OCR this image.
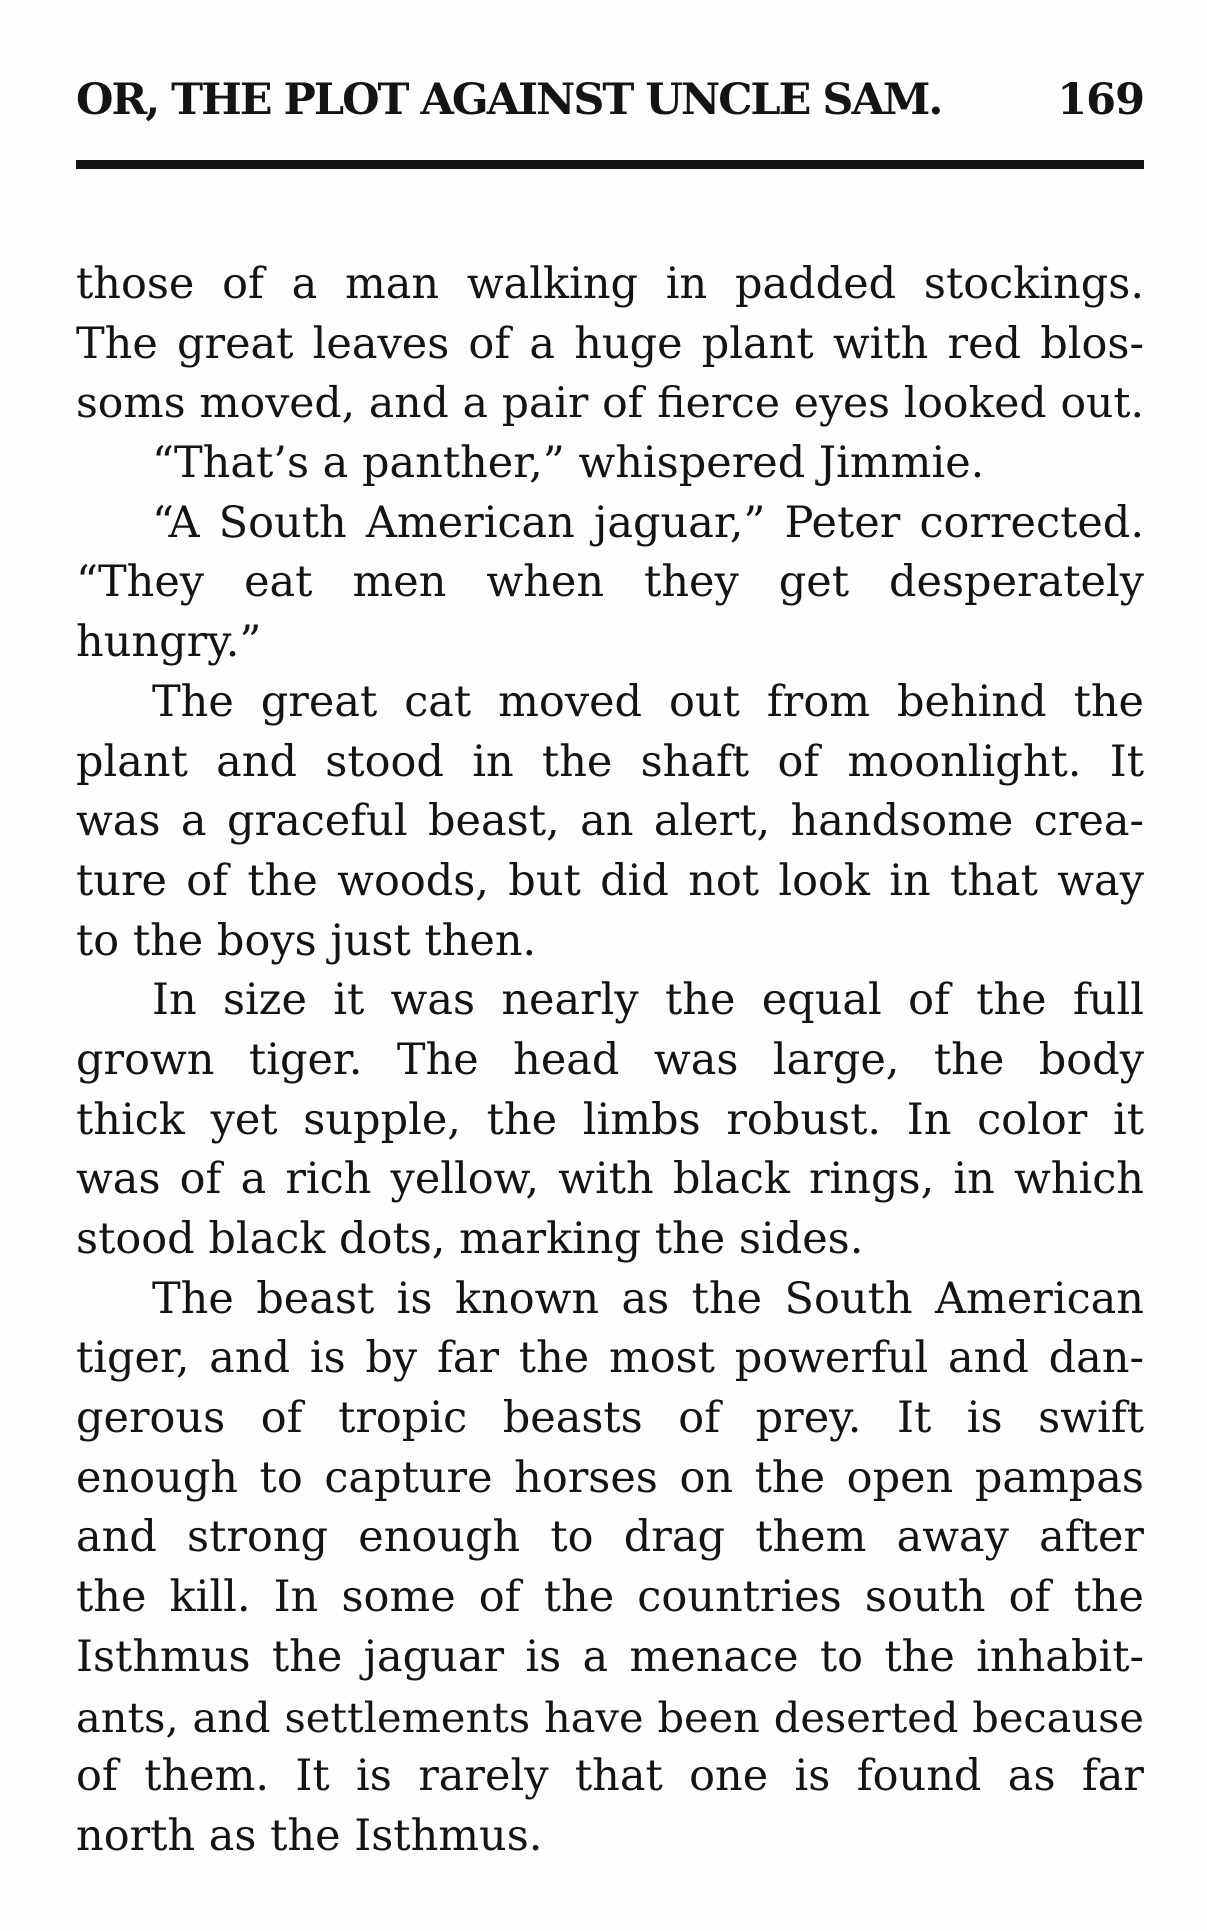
OR, THE PLOT AGAINST UNCLE SAM.	169
those of a man walking in padded stockings.
The great leaves of a huge plant with red blos-
soms moved, and a pair of fierce eyes looked out.
“That’s a panther,” whispered Jimmie.
“A South American jaguar,” Peter corrected.
“They eat men when they get desperately
hungry.”
The great cat moved out from behind the
plant and stood in the shaft of moonlight. It
was a graceful beast, an alert, handsome crea-
ture of the woods, but did not look in that way
to the boys just then.
In size it was nearly the equal of the full
grown tiger. The head was large, the body
thick yet supple, the limbs robust. In color it
was of a rich yellow, with black rings, in which
stood black dots, marking the sides.
The beast is known as the South American
tiger, and is by far the most powerful and dan-
gerous of tropic beasts of prey. It is swift
enough to capture horses on the open pampas
and strong enough to drag them away after
the kill. In some of the countries south of the
Isthmus the jaguar is a menace to the inhabit-
ants, and settlements have been deserted because
of them. It is rarely that one is found as far
north as the Isthmus.
